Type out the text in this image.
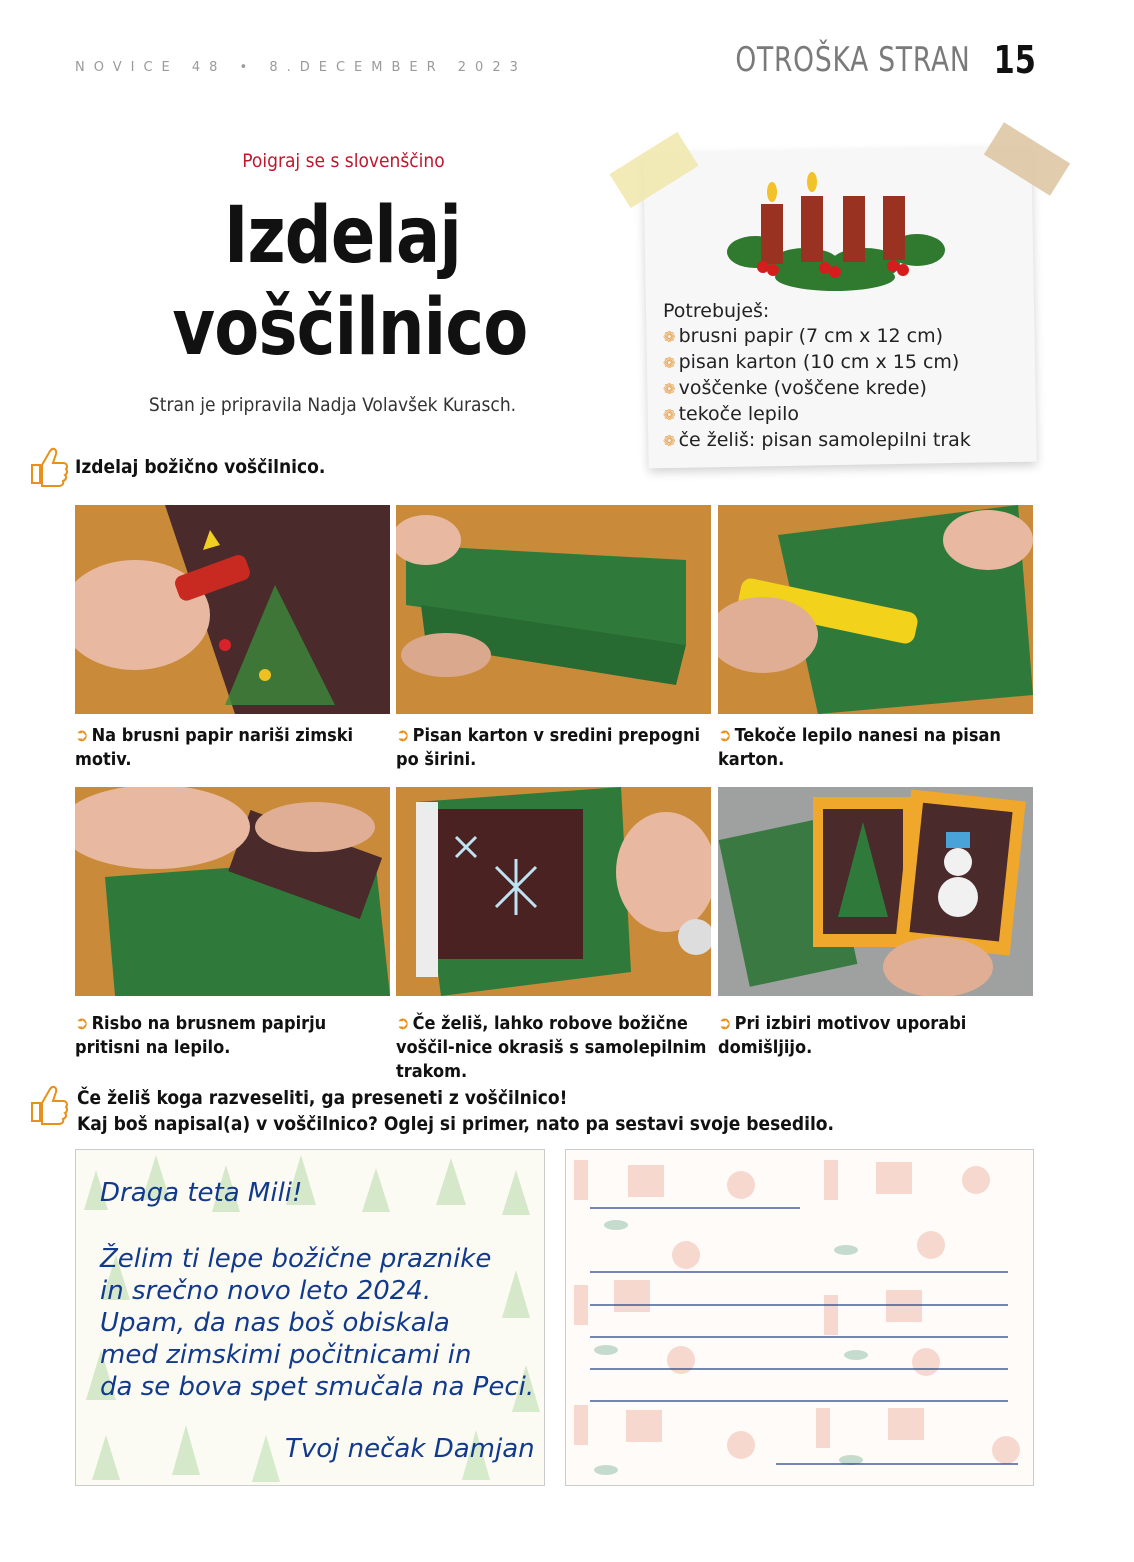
NOVICE 48 • 8.DECEMBER 2023	OTROŠKA STRAN 15
Poigraj se s slovenščino
Izdelaj
voščilnico
Stran je pripravila Nadja Volavšek Kurasch.
Potrebuješ:
❁ brusni papir (7 cm x 12 cm)
❁ pisan karton (10 cm x 15 cm)
❁ voščenke (voščene krede)
❁ tekoče lepilo
❁ če želiš: pisan samolepilni trak
Izdelaj božično voščilnico.
➲ Na brusni papir nariši zimski motiv.
➲ Pisan karton v sredini prepogni po širini.
➲ Tekoče lepilo nanesi na pisan karton.
➲ Risbo na brusnem papirju pritisni na lepilo.
➲ Če želiš, lahko robove božične voščil-nice okrasiš s samolepilnim trakom.
➲ Pri izbiri motivov uporabi domišljijo.
Če želiš koga razveseliti, ga preseneti z voščilnico!
Kaj boš napisal(a) v voščilnico? Oglej si primer, nato pa sestavi svoje besedilo.
Draga teta Mili!
Želim ti lepe božične praznike
in srečno novo leto 2024.
Upam, da nas boš obiskala
med zimskimi počitnicami in
da se bova spet smučala na Peci.
Tvoj nečak Damjan
